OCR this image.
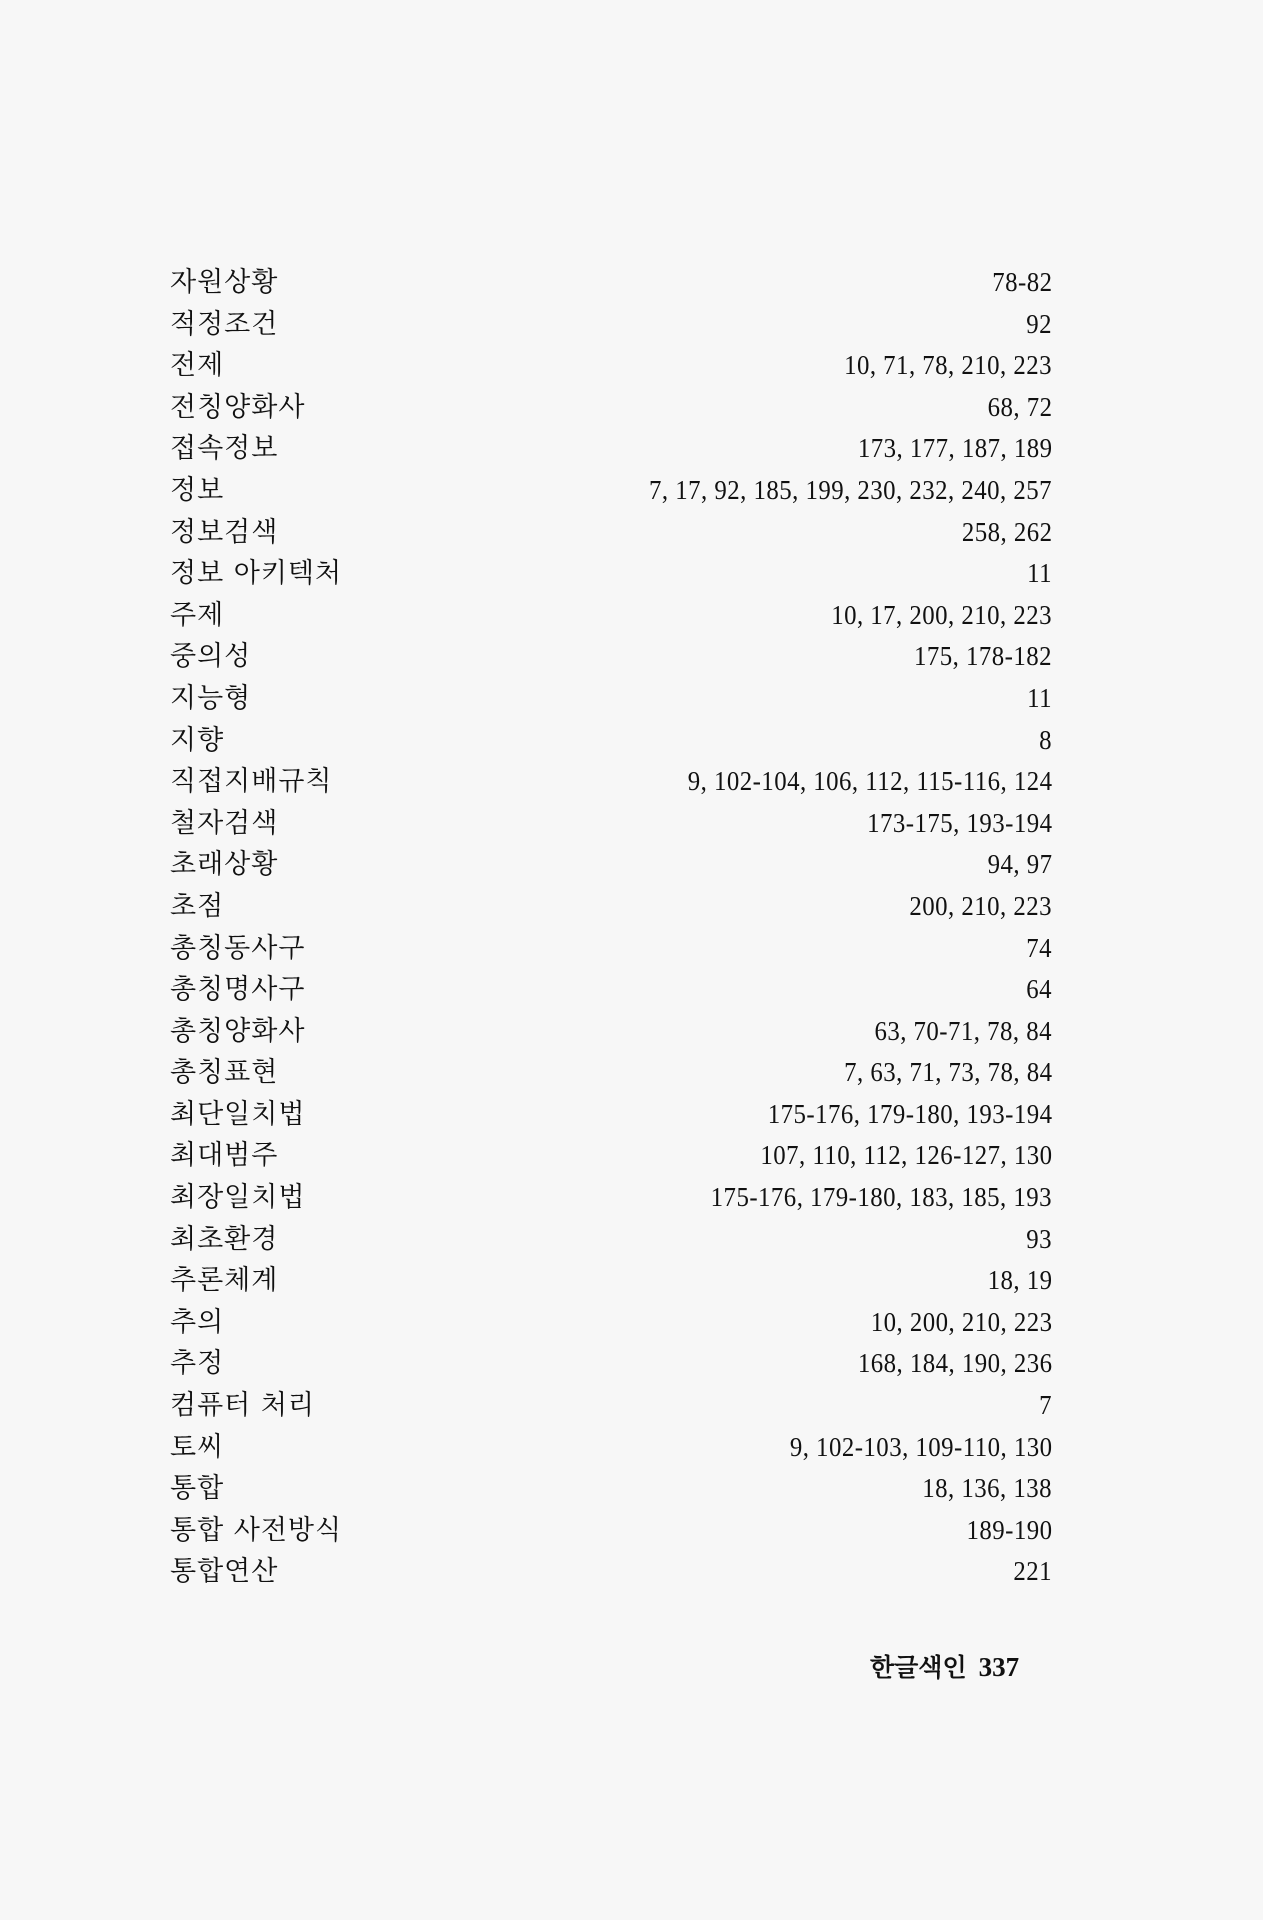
자원상황	78-82
적정조건	92
전제	10, 71, 78, 210, 223
전칭양화사	68, 72
접속정보	173, 177, 187, 189
정보	7, 17, 92, 185, 199, 230, 232, 240, 257
정보검색	258, 262
정보 아키텍처	11
주제	10, 17, 200, 210, 223
중의성	175, 178-182
지능형	11
지향	8
직접지배규칙	9, 102-104, 106, 112, 115-116, 124
철자검색	173-175, 193-194
초래상황	94, 97
초점	200, 210, 223
총칭동사구	74
총칭명사구	64
총칭양화사	63, 70-71, 78, 84
총칭표현	7, 63, 71, 73, 78, 84
최단일치법	175-176, 179-180, 193-194
최대범주	107, 110, 112, 126-127, 130
최장일치법	175-176, 179-180, 183, 185, 193
최초환경	93
추론체계	18, 19
추의	10, 200, 210, 223
추정	168, 184, 190, 236
컴퓨터 처리	7
토씨	9, 102-103, 109-110, 130
통합	18, 136, 138
통합 사전방식	189-190
통합연산	221
한글색인 337
